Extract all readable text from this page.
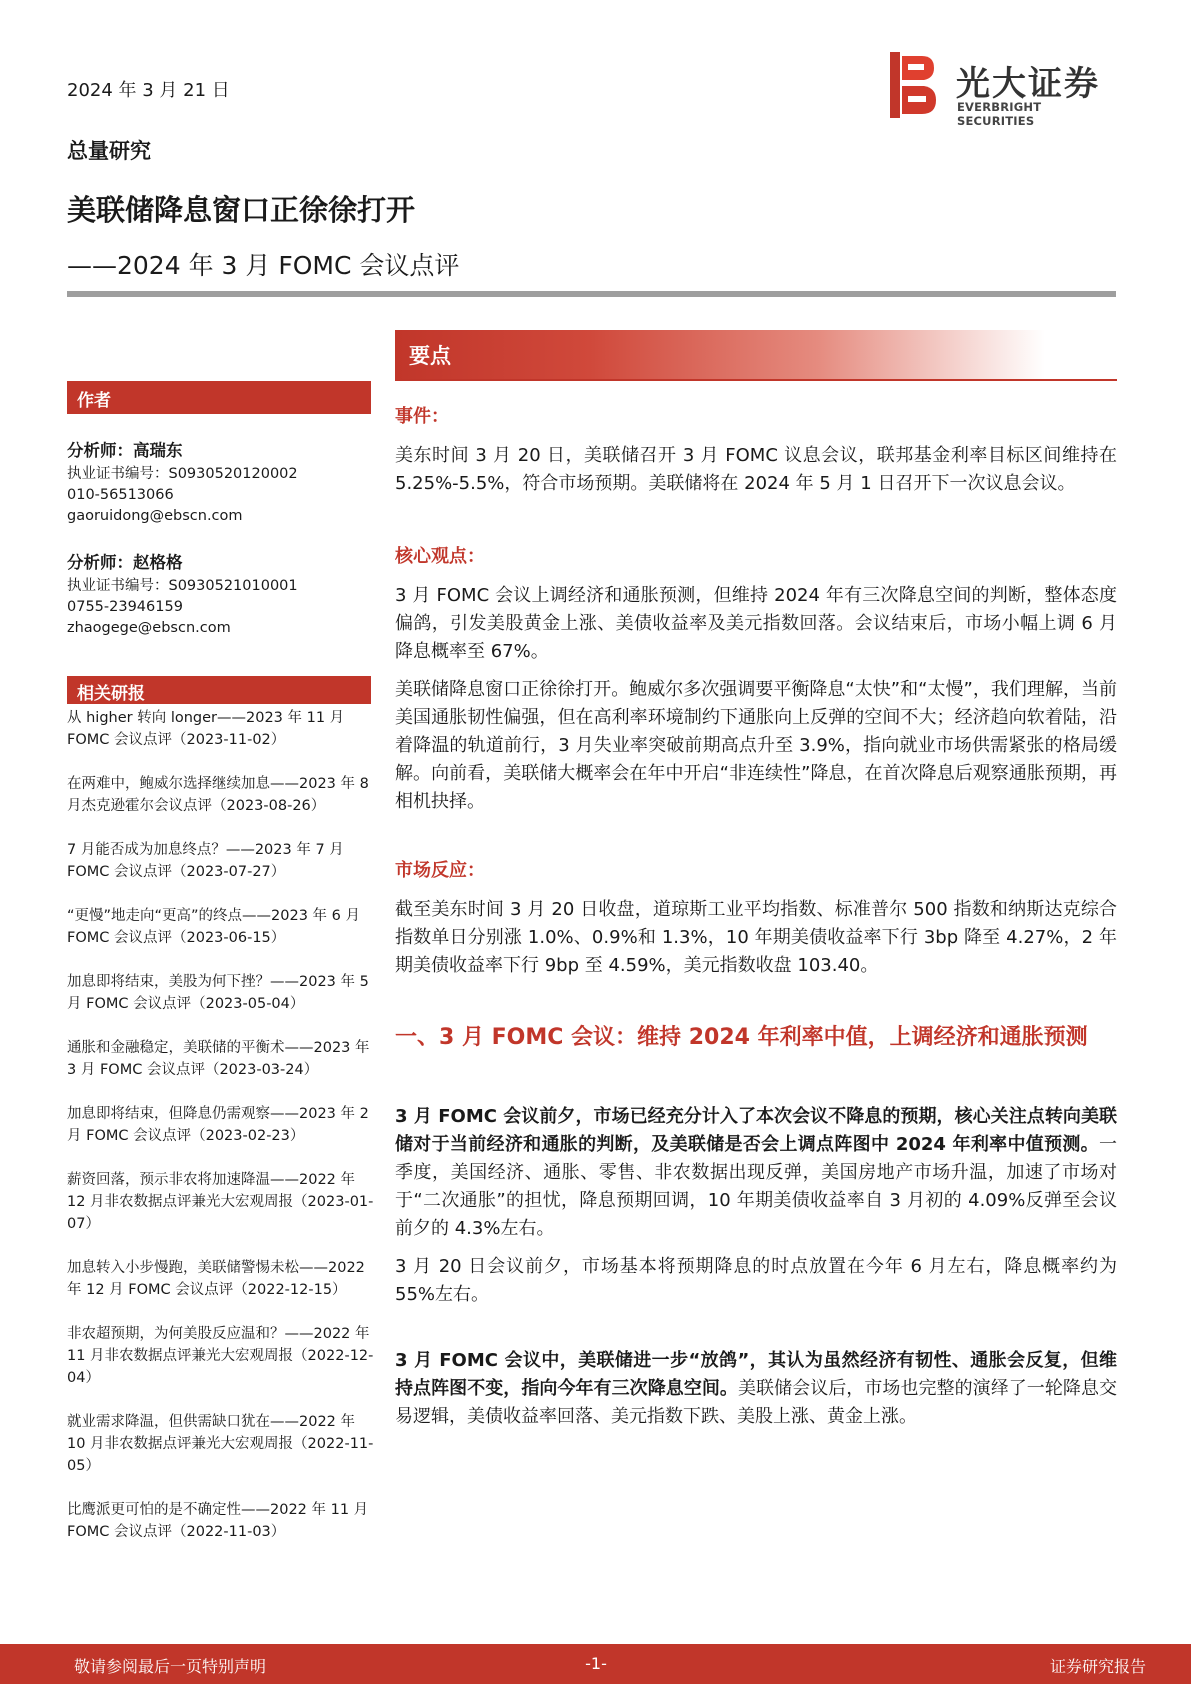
2024 年 3 月 21 日	光大证券
EVERBRIGHT SECURITIES
总量研究
美联储降息窗口正徐徐打开
——2024 年 3 月 FOMC 会议点评
作者
分析师：高瑞东
执业证书编号：S0930520120002
010-56513066
gaoruidong@ebscn.com
分析师：赵格格
执业证书编号：S0930521010001
0755-23946159
zhaogege@ebscn.com
相关研报
从 higher 转向 longer——2023 年 11 月 FOMC 会议点评（2023-11-02）
在两难中，鲍威尔选择继续加息——2023 年 8 月杰克逊霍尔会议点评（2023-08-26）
7 月能否成为加息终点？——2023 年 7 月 FOMC 会议点评（2023-07-27）
“更慢”地走向“更高”的终点——2023 年 6 月 FOMC 会议点评（2023-06-15）
加息即将结束，美股为何下挫？——2023 年 5 月 FOMC 会议点评（2023-05-04）
通胀和金融稳定，美联储的平衡术——2023 年 3 月 FOMC 会议点评（2023-03-24）
加息即将结束，但降息仍需观察——2023 年 2 月 FOMC 会议点评（2023-02-23）
薪资回落，预示非农将加速降温——2022 年 12 月非农数据点评兼光大宏观周报（2023-01-07）
加息转入小步慢跑，美联储警惕未松——2022 年 12 月 FOMC 会议点评（2022-12-15）
非农超预期，为何美股反应温和？——2022 年 11 月非农数据点评兼光大宏观周报（2022-12-04）
就业需求降温，但供需缺口犹在——2022 年 10 月非农数据点评兼光大宏观周报（2022-11-05）
比鹰派更可怕的是不确定性——2022 年 11 月 FOMC 会议点评（2022-11-03）
要点
事件：
美东时间 3 月 20 日，美联储召开 3 月 FOMC 议息会议，联邦基金利率目标区间维持在 5.25%-5.5%，符合市场预期。美联储将在 2024 年 5 月 1 日召开下一次议息会议。
核心观点：
3 月 FOMC 会议上调经济和通胀预测，但维持 2024 年有三次降息空间的判断，整体态度偏鸽，引发美股黄金上涨、美债收益率及美元指数回落。会议结束后，市场小幅上调 6 月降息概率至 67%。
美联储降息窗口正徐徐打开。鲍威尔多次强调要平衡降息“太快”和“太慢”，我们理解，当前美国通胀韧性偏强，但在高利率环境制约下通胀向上反弹的空间不大；经济趋向软着陆，沿着降温的轨道前行，3 月失业率突破前期高点升至 3.9%，指向就业市场供需紧张的格局缓解。向前看，美联储大概率会在年中开启“非连续性”降息，在首次降息后观察通胀预期，再相机抉择。
市场反应：
截至美东时间 3 月 20 日收盘，道琼斯工业平均指数、标准普尔 500 指数和纳斯达克综合指数单日分别涨 1.0%、0.9%和 1.3%，10 年期美债收益率下行 3bp 降至 4.27%，2 年期美债收益率下行 9bp 至 4.59%，美元指数收盘 103.40。
一、3 月 FOMC 会议：维持 2024 年利率中值，上调经济和通胀预测
3 月 FOMC 会议前夕，市场已经充分计入了本次会议不降息的预期，核心关注点转向美联储对于当前经济和通胀的判断，及美联储是否会上调点阵图中 2024 年利率中值预测。一季度，美国经济、通胀、零售、非农数据出现反弹，美国房地产市场升温，加速了市场对于“二次通胀”的担忧，降息预期回调，10 年期美债收益率自 3 月初的 4.09%反弹至会议前夕的 4.3%左右。
3 月 20 日会议前夕，市场基本将预期降息的时点放置在今年 6 月左右，降息概率约为 55%左右。
3 月 FOMC 会议中，美联储进一步“放鸽”，其认为虽然经济有韧性、通胀会反复，但维持点阵图不变，指向今年有三次降息空间。美联储会议后，市场也完整的演绎了一轮降息交易逻辑，美债收益率回落、美元指数下跌、美股上涨、黄金上涨。
敬请参阅最后一页特别声明	-1-	证券研究报告
